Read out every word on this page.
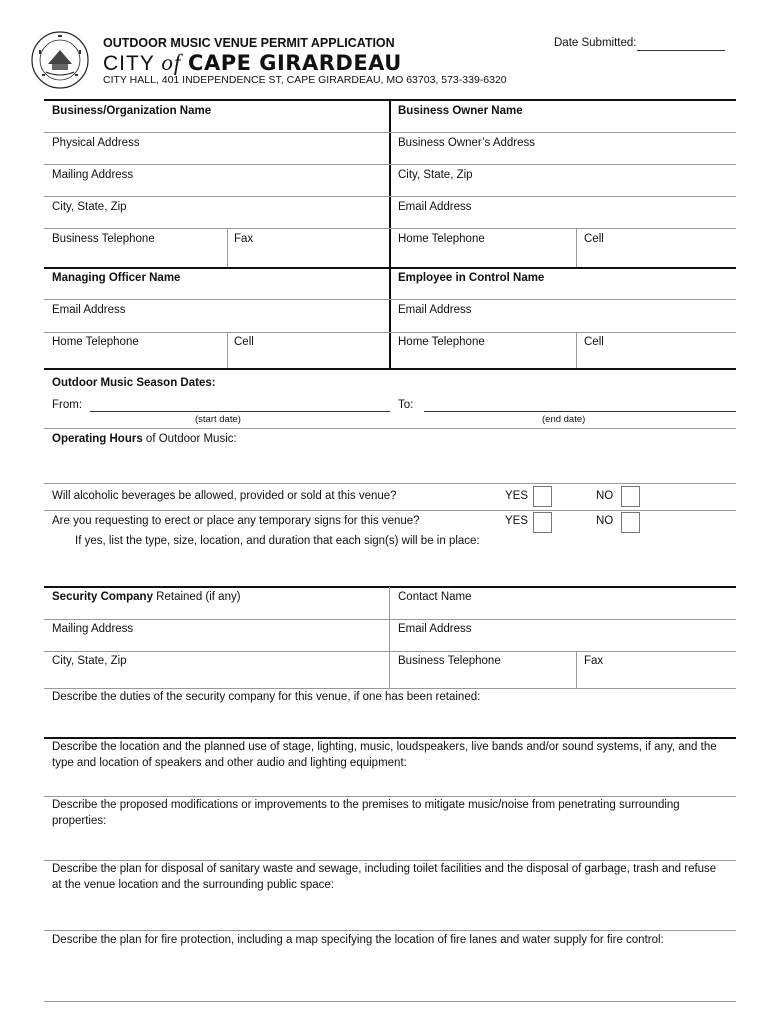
OUTDOOR MUSIC VENUE PERMIT APPLICATION
CITY of CAPE GIRARDEAU
CITY HALL, 401 INDEPENDENCE ST, CAPE GIRARDEAU, MO 63703, 573-339-6320
Date Submitted:
Business/Organization Name	Business Owner Name
Physical Address	Business Owner’s Address
Mailing Address	City, State, Zip
City, State, Zip	Email Address
Business Telephone	Fax	Home Telephone	Cell
Managing Officer Name	Employee in Control Name
Email Address	Email Address
Home Telephone	Cell	Home Telephone	Cell
Outdoor Music Season Dates:
From:	To:
(start date)	(end date)
Operating Hours of Outdoor Music:
Will alcoholic beverages be allowed, provided or sold at this venue?	YES	NO
Are you requesting to erect or place any temporary signs for this venue?	YES	NO
If yes, list the type, size, location, and duration that each sign(s) will be in place:
Security Company Retained (if any)	Contact Name
Mailing Address	Email Address
City, State, Zip	Business Telephone	Fax
Describe the duties of the security company for this venue, if one has been retained:
Describe the location and the planned use of stage, lighting, music, loudspeakers, live bands and/or sound systems, if any, and the
type and location of speakers and other audio and lighting equipment:
Describe the proposed modifications or improvements to the premises to mitigate music/noise from penetrating surrounding
properties:
Describe the plan for disposal of sanitary waste and sewage, including toilet facilities and the disposal of garbage, trash and refuse
at the venue location and the surrounding public space:
Describe the plan for fire protection, including a map specifying the location of fire lanes and water supply for fire control:
